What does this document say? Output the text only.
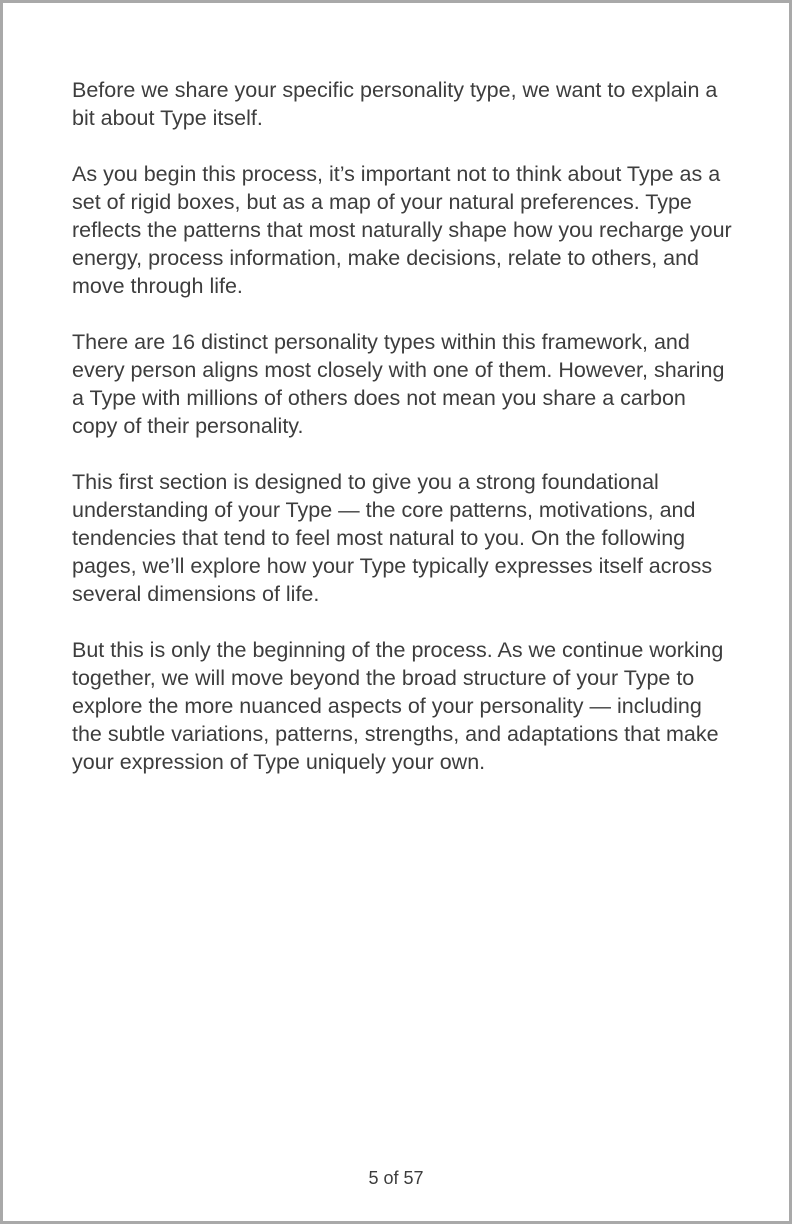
Before we share your specific personality type, we want to explain a bit about Type itself.

As you begin this process, it’s important not to think about Type as a set of rigid boxes, but as a map of your natural preferences. Type reflects the patterns that most naturally shape how you recharge your energy, process information, make decisions, relate to others, and move through life.

There are 16 distinct personality types within this framework, and every person aligns most closely with one of them. However, sharing a Type with millions of others does not mean you share a carbon copy of their personality.

This first section is designed to give you a strong foundational understanding of your Type — the core patterns, motivations, and tendencies that tend to feel most natural to you. On the following pages, we’ll explore how your Type typically expresses itself across several dimensions of life.

But this is only the beginning of the process. As we continue working together, we will move beyond the broad structure of your Type to explore the more nuanced aspects of your personality — including the subtle variations, patterns, strengths, and adaptations that make your expression of Type uniquely your own.

5 of 57
